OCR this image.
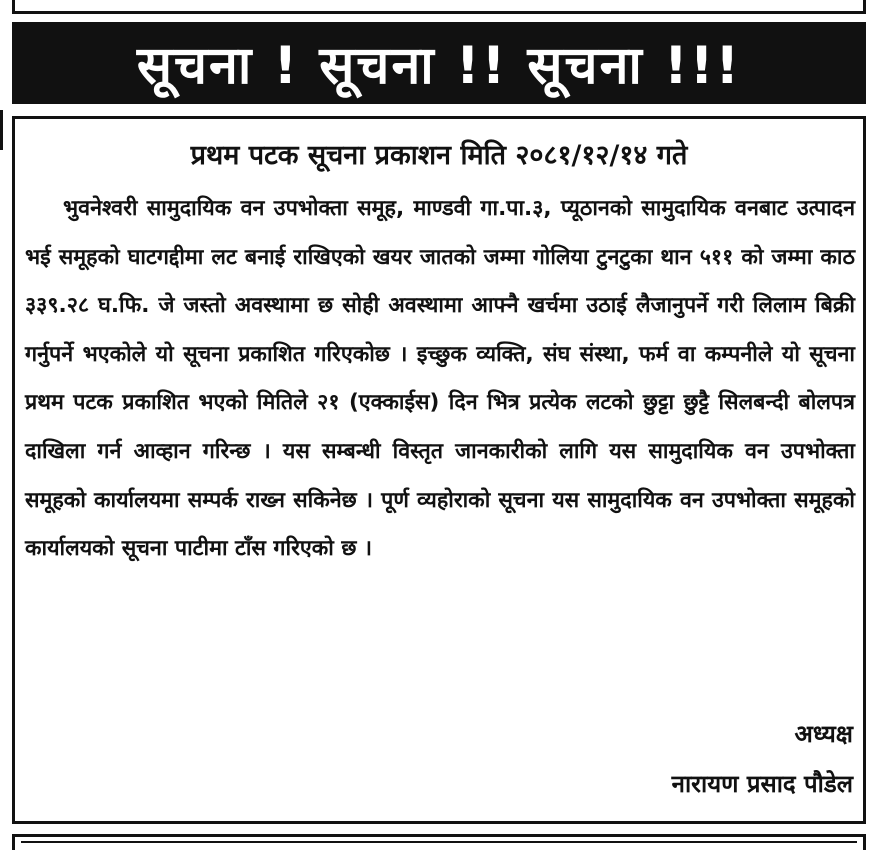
सूचना ! सूचना !! सूचना !!!
प्रथम पटक सूचना प्रकाशन मिति २०८१/१२/१४ गते
भुवनेश्वरी सामुदायिक वन उपभोक्ता समूह, माण्डवी गा.पा.३, प्यूठानको सामुदायिक वनबाट उत्पादन भई समूहको घाटगद्दीमा लट बनाई राखिएको खयर जातको जम्मा गोलिया टुनटुका थान ५११ को जम्मा काठ ३३९.२८ घ.फि. जे जस्तो अवस्थामा छ सोही अवस्थामा आफ्नै खर्चमा उठाई लैजानुपर्ने गरी लिलाम बिक्री गर्नुपर्ने भएकोले यो सूचना प्रकाशित गरिएकोछ । इच्छुक व्यक्ति, संघ संस्था, फर्म वा कम्पनीले यो सूचना प्रथम पटक प्रकाशित भएको मितिले २१ (एक्काईस) दिन भित्र प्रत्येक लटको छुट्टा छुट्टै सिलबन्दी बोलपत्र दाखिला गर्न आव्हान गरिन्छ । यस सम्बन्धी विस्तृत जानकारीको लागि यस सामुदायिक वन उपभोक्ता समूहको कार्यालयमा सम्पर्क राख्न सकिनेछ । पूर्ण व्यहोराको सूचना यस सामुदायिक वन उपभोक्ता समूहको कार्यालयको सूचना पाटीमा टाँस गरिएको छ ।
अध्यक्ष
नारायण प्रसाद पौडेल
